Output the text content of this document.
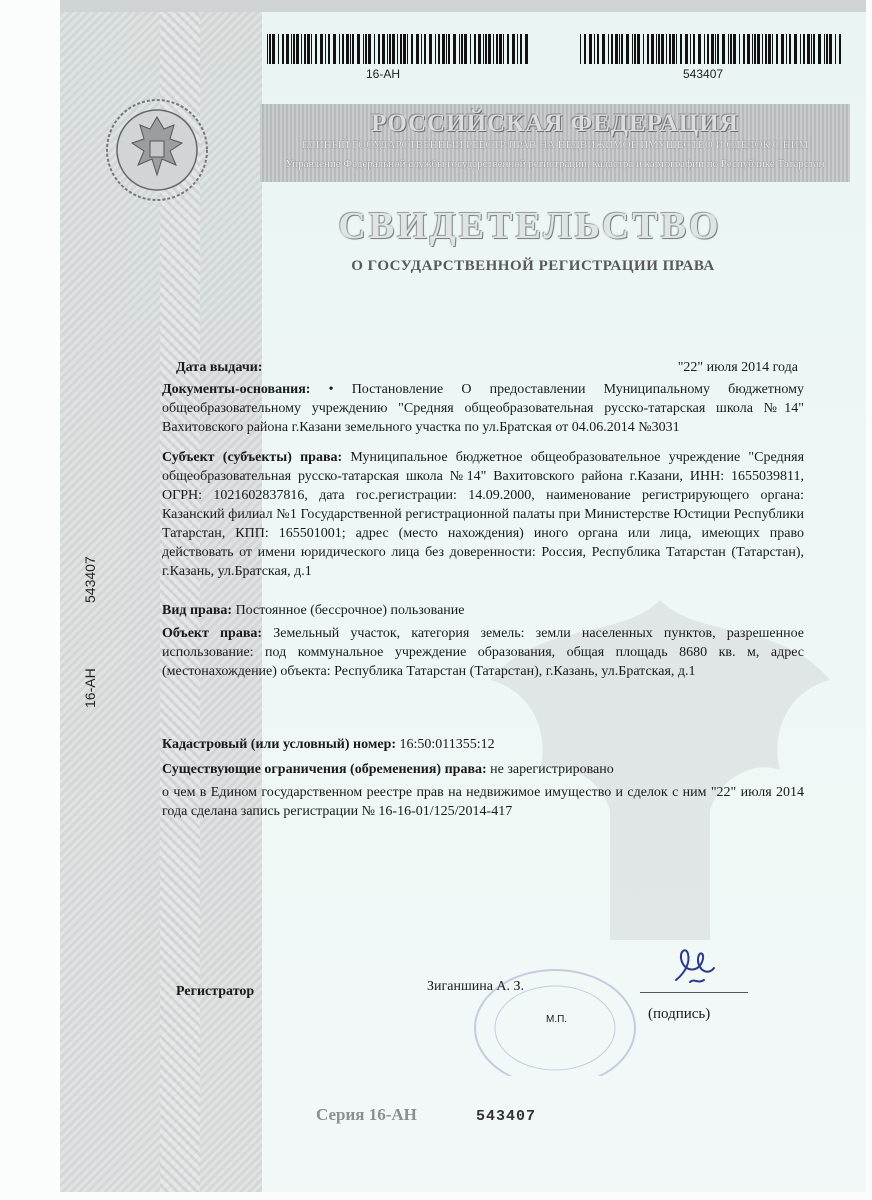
16-АН	543407
РОССИЙСКАЯ ФЕДЕРАЦИЯ
ЕДИНЫЙ ГОСУДАРСТВЕННЫЙ РЕЕСТР ПРАВ НА НЕДВИЖИМОЕ ИМУЩЕСТВО И СДЕЛОК С НИМ
Управление Федеральной службы государственной регистрации, кадастра и картографии по Республике Татарстан
СВИДЕТЕЛЬСТВО
О ГОСУДАРСТВЕННОЙ РЕГИСТРАЦИИ ПРАВА
16-АН
543407
Дата выдачи:	"22" июля 2014 года
Документы-основания: • Постановление О предоставлении Муниципальному бюджетному общеобразовательному учреждению "Средняя общеобразовательная русско-татарская школа №14" Вахитовского района г.Казани земельного участка по ул.Братская от 04.06.2014 №3031
Субъект (субъекты) права: Муниципальное бюджетное общеобразовательное учреждение "Средняя общеобразовательная русско-татарская школа №14" Вахитовского района г.Казани, ИНН: 1655039811, ОГРН: 1021602837816, дата гос.регистрации: 14.09.2000, наименование регистрирующего органа: Казанский филиал №1 Государственной регистрационной палаты при Министерстве Юстиции Республики Татарстан, КПП: 165501001; адрес (место нахождения) иного органа или лица, имеющих право действовать от имени юридического лица без доверенности: Россия, Республика Татарстан (Татарстан), г.Казань, ул.Братская, д.1
Вид права: Постоянное (бессрочное) пользование
Объект права: Земельный участок, категория земель: земли населенных пунктов, разрешенное использование: под коммунальное учреждение образования, общая площадь 8680 кв. м, адрес (местонахождение) объекта: Республика Татарстан (Татарстан), г.Казань, ул.Братская, д.1
Кадастровый (или условный) номер: 16:50:011355:12
Существующие ограничения (обременения) права: не зарегистрировано
о чем в Едином государственном реестре прав на недвижимое имущество и сделок с ним "22" июля 2014 года сделана запись регистрации № 16-16-01/125/2014-417
Регистратор	Зиганшина А. З.
М.П.	(подпись)
Серия 16-АН	543407
